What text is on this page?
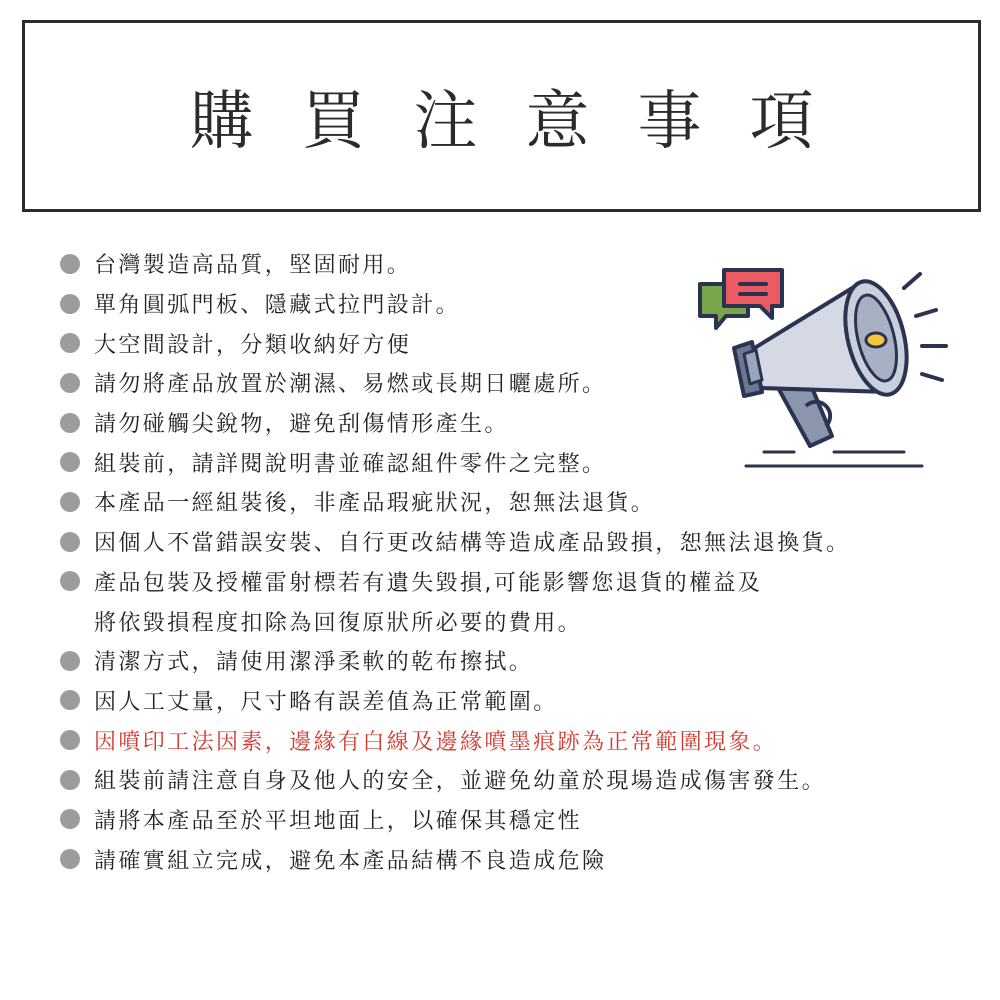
購買注意事項
台灣製造高品質，堅固耐用。
單角圓弧門板、隱藏式拉門設計。
大空間設計，分類收納好方便
請勿將產品放置於潮濕、易燃或長期日曬處所。
請勿碰觸尖銳物，避免刮傷情形產生。
組裝前，請詳閱說明書並確認組件零件之完整。
本產品一經組裝後，非產品瑕疵狀況，恕無法退貨。
因個人不當錯誤安裝、自行更改結構等造成產品毀損，恕無法退換貨。
產品包裝及授權雷射標若有遺失毀損,可能影響您退貨的權益及
將依毀損程度扣除為回復原狀所必要的費用。
清潔方式，請使用潔淨柔軟的乾布擦拭。
因人工丈量，尺寸略有誤差值為正常範圍。
因噴印工法因素，邊緣有白線及邊緣噴墨痕跡為正常範圍現象。
組裝前請注意自身及他人的安全，並避免幼童於現場造成傷害發生。
請將本產品至於平坦地面上，以確保其穩定性
請確實組立完成，避免本產品結構不良造成危險
